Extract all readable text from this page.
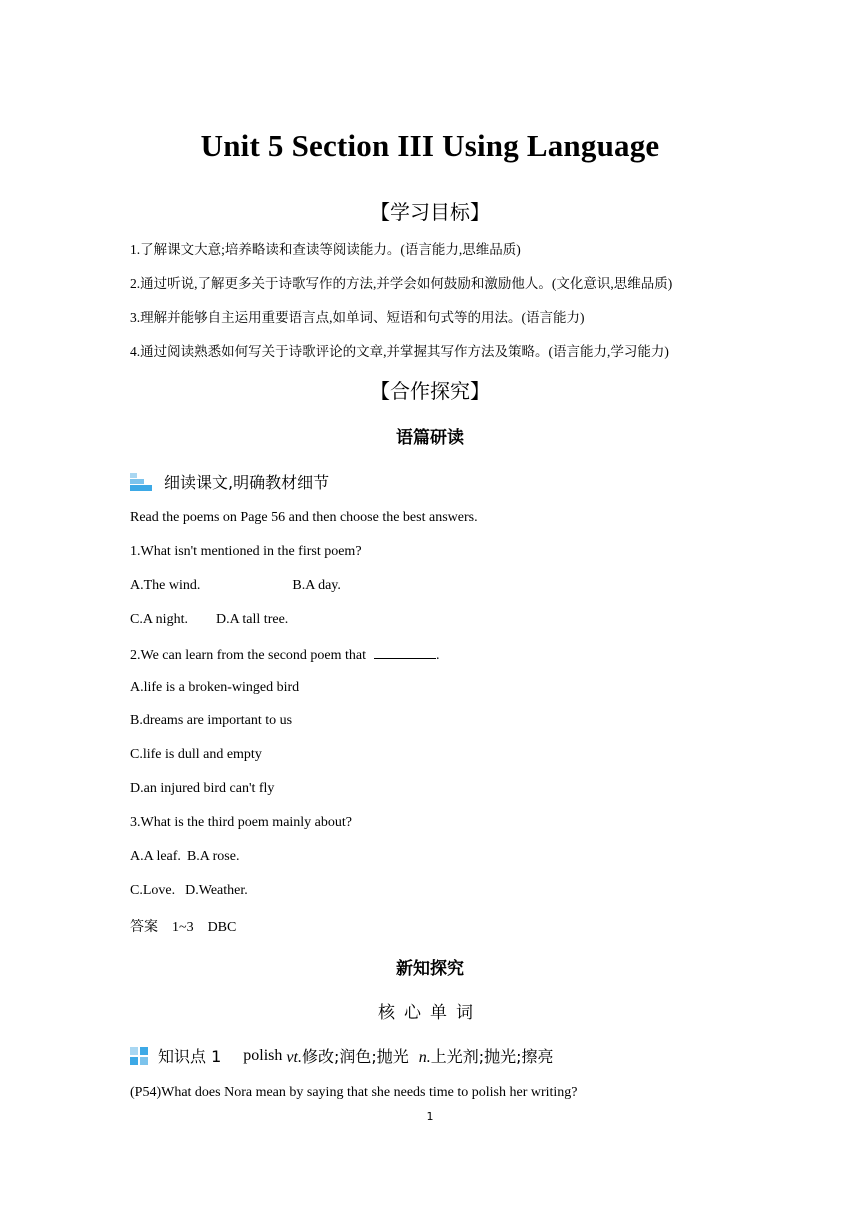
Unit 5 Section III Using Language
【学习目标】
1.了解课文大意;培养略读和查读等阅读能力。(语言能力,思维品质)
2.通过听说,了解更多关于诗歌写作的方法,并学会如何鼓励和激励他人。(文化意识,思维品质)
3.理解并能够自主运用重要语言点,如单词、短语和句式等的用法。(语言能力)
4.通过阅读熟悉如何写关于诗歌评论的文章,并掌握其写作方法及策略。(语言能力,学习能力)
【合作探究】
语篇研读
细读课文,明确教材细节
Read the poems on Page 56 and then choose the best answers.
1.What isn't mentioned in the first poem?
A.The wind.	B.A day.
C.A night. D.A tall tree.
2.We can learn from the second poem that	.
A.life is a broken-winged bird
B.dreams are important to us
C.life is dull and empty
D.an injured bird can't fly
3.What is the third poem mainly about?
A.A leaf. B.A rose.
C.Love. D.Weather.
答案　1~3　DBC
新知探究
核心单词
知识点 1 polish vt.修改;润色;抛光 n.上光剂;抛光;擦亮
(P54)What does Nora mean by saying that she needs time to polish her writing?
1
